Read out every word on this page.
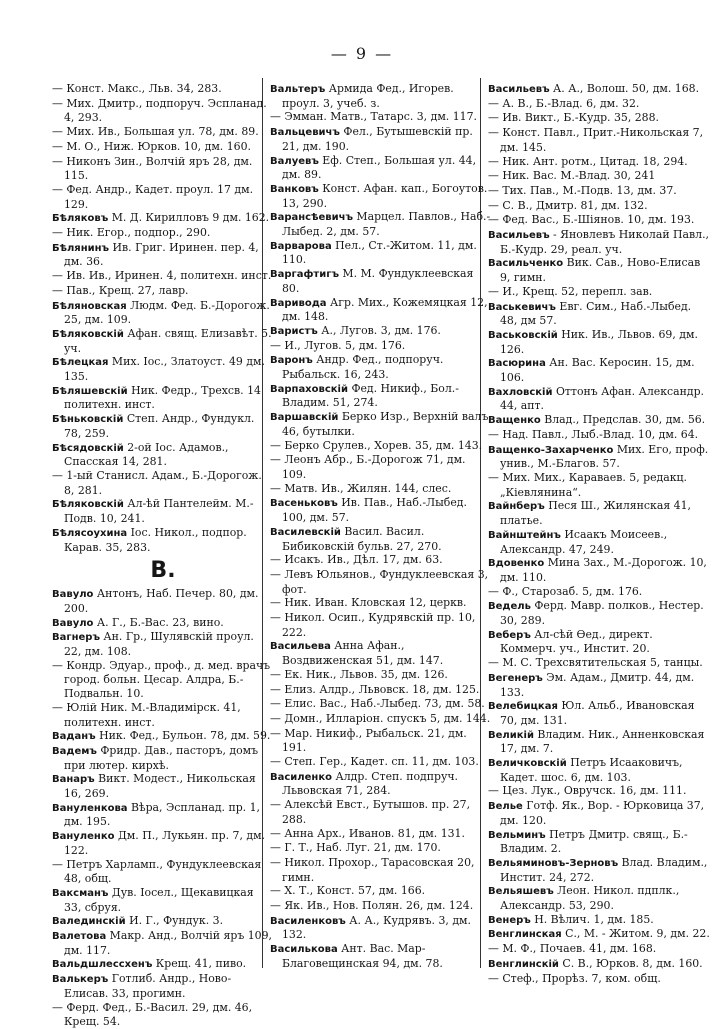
— 9 —

— Конст. Макс., Льв. 34, 283.

— Мих. Дмитр., подпоруч. Эспланад. 4, 293.

— Мих. Ив., Большая ул. 78, дм. 89.

— М. О., Ниж. Юрков. 10, дм. 160.

— Никонъ Зин., Волчiй яръ 28, дм. 115.

— Фед. Андр., Кадет. проул. 17 дм. 129.

Бѣляковъ М. Д. Кирилловъ 9 дм. 162.

— Ник. Егор., подпор., 290.

Бѣлянинъ Ив. Григ. Иринен. пер. 4, дм. 36.

— Ив. Ив., Иринен. 4, политехн. инст.

— Пав., Крещ. 27, лавр.

Бѣляновская Людм. Фед. Б.-Дорогож. 25, дм. 109.

Бѣляковскiй Афан. свящ. Елизавѣт. 5. уч.

Бѣлецкая Мих. Іос., Златоуст. 49 дм. 135.

Бѣляшевскiй Ник. Федр., Трехсв. 14 политехн. инст.

Бѣньковскiй Степ. Андр., Фундукл. 78, 259.

Бѣсядовскiй 2-ой Іос. Адамов., Спасская 14, 281.

— 1-ый Станисл. Адам., Б.-Дорогож. 8, 281.

Бѣляковскiй Ал-ѣй Пантелейм. М.-Подв. 10, 241.

Бѣлясоухина Іос. Никол., подпор. Карав. 35, 283.

В.

Вавуло Антонъ, Наб. Печер. 80, дм. 200.

Вавуло А. Г., Б.-Вас. 23, вино.

Вагнеръ Ан. Гр., Шулявскiй проул. 22, дм. 108.

— Кондр. Эдуар., проф., д. мед. врачъ город. больн. Цесар. Алдра, Б.-Подвальн. 10.

— Юлiй Ник. М.-Владимiрск. 41, политехн. инст.

Ваданъ Ник. Фед., Бульон. 78, дм. 59.

Вадемъ Фридр. Дав., пасторъ, домъ при лютер. кирхѣ.

Ванаръ Викт. Модест., Никольская 16, 269.

Вануленкова Вѣра, Эспланад. пр. 1, дм. 195.

Вануленко Дм. П., Лукьян. пр. 7, дм. 122.

— Петръ Харламп., Фундуклеевская 48, общ.

Ваксманъ Дув. Іосел., Щекавицкая 33, сбруя.

Валединскiй И. Г., Фундук. 3.

Валетова Макр. Анд., Волчiй яръ 109, дм. 117.

Вальдшлессхенъ Крещ. 41, пиво.

Валькеръ Готлиб. Андр., Ново-Елисав. 33, прогимн.

— Ферд. Фед., Б.-Васил. 29, дм. 46, Крещ. 54.

Вальтеръ Армида Фед., Игорев. проул. 3, учеб. з.

— Эмман. Матв., Татарс. 3, дм. 117.

Вальцевичъ Фел., Бутышевскiй пр. 21, дм. 190.

Валуевъ Еф. Степ., Большая ул. 44, дм. 89.

Ванковъ Конст. Афан. кап., Богоутов. 13, 290.

Варансѣевичъ Марцел. Павлов., Наб.-Лыбед. 2, дм. 57.

Варварова Пел., Ст.-Житом. 11, дм. 110.

Варгафтигъ М. М. Фундуклеевская 80.

Варивода Агр. Мих., Кожемяцкая 12, дм. 148.

Варистъ А., Лугов. 3, дм. 176.

— И., Лугов. 5, дм. 176.

Варонъ Андр. Фед., подпоруч. Рыбальск. 16, 243.

Варпаховскiй Фед. Никиф., Бол.-Владим. 51, 274.

Варшавскiй Берко Изр., Верхнiй валъ 46, бутылки.

— Берко Срулев., Хорев. 35, дм. 143.

— Леонъ Абр., Б.-Дорогож 71, дм. 109.

— Матв. Ив., Жилян. 144, слес.

Васеньковъ Ив. Пав., Наб.-Лыбед. 100, дм. 57.

Василевскiй Васил. Васил. Бибиковскiй бульв. 27, 270.

— Исакъ. Ив., Дѣл. 17, дм. 63.

— Левъ Юльянов., Фундуклеевская 3, фот.

— Ник. Иван. Кловская 12, церкв.

— Никол. Осип., Кудрявскiй пр. 10, 222.

Васильева Анна Афан., Воздвиженская 51, дм. 147.

— Ек. Ник., Львов. 35, дм. 126.

— Елиз. Алдр., Львовск. 18, дм. 125.

— Елис. Вас., Наб.-Лыбед. 73, дм. 58.

— Домн., Илларiон. спускъ 5, дм. 144.

— Мар. Никиф., Рыбальск. 21, дм. 191.

— Степ. Гер., Кадет. сп. 11, дм. 103.

Василенко Алдр. Степ. подпруч. Львовская 71, 284.

— Алексѣй Евст., Бутышов. пр. 27, 288.

— Анна Арх., Иванов. 81, дм. 131.

— Г. Т., Наб. Луг. 21, дм. 170.

— Никол. Прохор., Тарасовская 20, гимн.

— Х. Т., Конст. 57, дм. 166.

— Як. Ив., Нов. Полян. 26, дм. 124.

Василенковъ А. А., Кудрявъ. 3, дм. 132.

Васильковa Ант. Вас. Мар-Благовещинская 94, дм. 78.

Васильевъ А. А., Волош. 50, дм. 168.

— А. В., Б.-Влад. 6, дм. 32.

— Ив. Викт., Б.-Кудр. 35, 288.

— Конст. Павл., Прит.-Никольская 7, дм. 145.

— Ник. Ант. ротм., Цитад. 18, 294.

— Ник. Вас. М.-Влад. 30, 241

— Тих. Пав., М.-Подв. 13, дм. 37.

— С. В., Дмитр. 81, дм. 132.

— Фед. Вас., Б.-Шiянов. 10, дм. 193.

Васильевъ - Яновлевъ Николай Павл., Б.-Кудр. 29, реал. уч.

Васильченко Вик. Сав., Ново-Елисав 9, гимн.

— И., Крещ. 52, перепл. зав.

Васькевичъ Евг. Сим., Наб.-Лыбед. 48, дм 57.

Васьковскiй Ник. Ив., Львов. 69, дм. 126.

Васюрина Ан. Вас. Керосин. 15, дм. 106.

Вахловскiй Оттонъ Афан. Александр. 44, апт.

Ващенко Влад., Предслав. 30, дм. 56.

— Над. Павл., Лыб.-Влад. 10, дм. 64.

Ващенко-Захарченко Мих. Его, проф. унив., М.-Благов. 57.

— Мих. Мих., Караваев. 5, редакц. „Кiевлянина“.

Вайнберъ Песя Ш., Жилянская 41, платье.

Вайнштейнъ Исаакъ Моисеев., Александр. 47, 249.

Вдовенко Мина Зах., М.-Дорогож. 10, дм. 110.

— Ф., Старозаб. 5, дм. 176.

Ведель Ферд. Мавр. полков., Нестер. 30, 289.

Веберъ Ал-сѣй Өед., директ. Коммерч. уч., Инстит. 20.

— М. С. Трехсвятительская 5, танцы.

Вегенеръ Эм. Адам., Дмитр. 44, дм. 133.

Велебицкая Юл. Альб., Ивановская 70, дм. 131.

Великiй Владим. Ник., Анненковская 17, дм. 7.

Величковскiй Петръ Исааковичъ, Кадет. шос. 6, дм. 103.

— Цез. Лук., Овручск. 16, дм. 111.

Велье Готф. Як., Вор. - Юрковица 37, дм. 120.

Вельминъ Петръ Дмитр. свящ., Б.-Владим. 2.

Вельяминовъ-Зерновъ Влад. Владим., Инстит. 24, 272.

Вельяшевъ Леон. Никол. пдплк., Александр. 53, 290.

Венеръ Н. Вѣлич. 1, дм. 185.

Венглинская С., М. - Житом. 9, дм. 22.

— М. Ф., Почаев. 41, дм. 168.

Венглинскiй С. В., Юрков. 8, дм. 160.

— Стеф., Прорѣз. 7, ком. общ.
